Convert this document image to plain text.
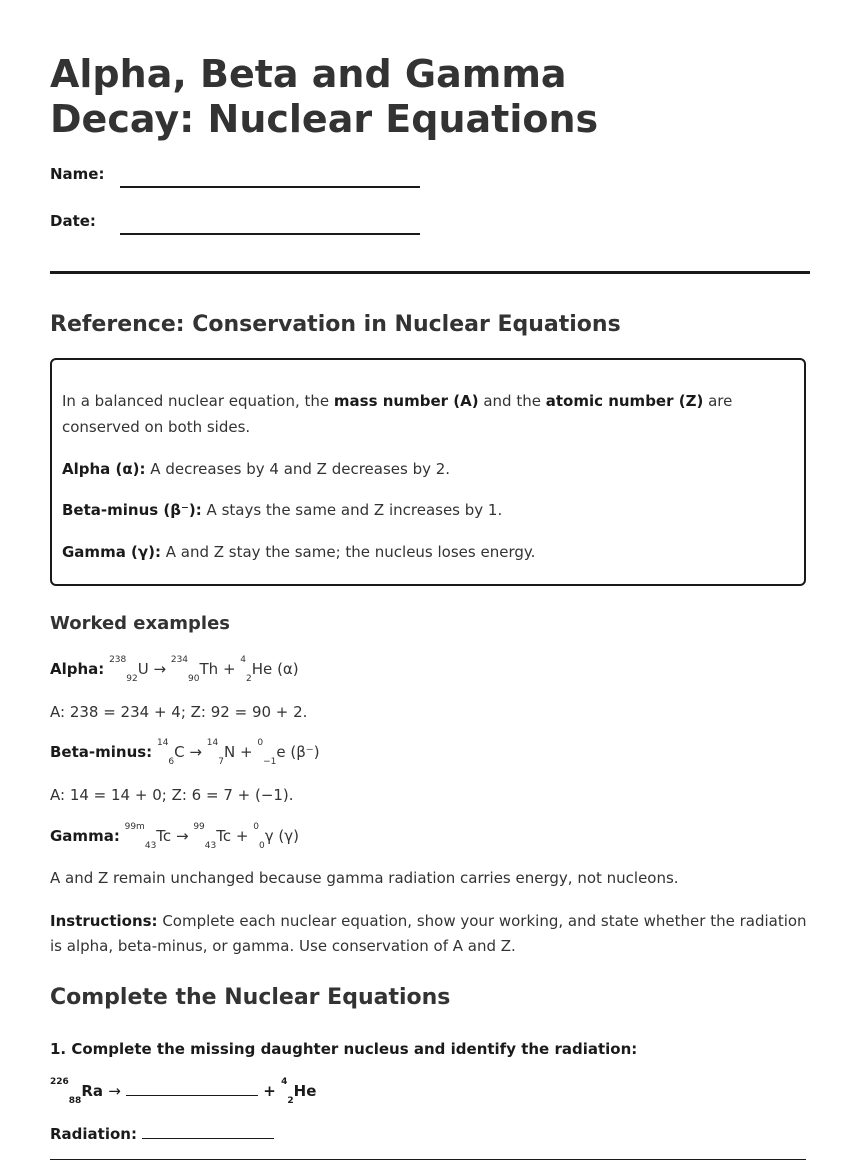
Alpha, Beta and Gamma Decay: Nuclear Equations
Name:
Date:
Reference: Conservation in Nuclear Equations
In a balanced nuclear equation, the mass number (A) and the atomic number (Z) are conserved on both sides.
Alpha (α): A decreases by 4 and Z decreases by 2.
Beta-minus (β⁻): A stays the same and Z increases by 1.
Gamma (γ): A and Z stay the same; the nucleus loses energy.
Worked examples
Alpha: $^{238}_{92}$U → $^{234}_{90}$Th + $^4_2$He (α)
A: 238 = 234 + 4; Z: 92 = 90 + 2.
Beta-minus: $^{14}_6$C → $^{14}_7$N + $^0_{-1}$e (β⁻)
A: 14 = 14 + 0; Z: 6 = 7 + (−1).
Gamma: $^{99m}_{43}$Tc → $^{99}_{43}$Tc + $^0_0$γ (γ)
A and Z remain unchanged because gamma radiation carries energy, not nucleons.
Instructions: Complete each nuclear equation, show your working, and state whether the radiation is alpha, beta-minus, or gamma. Use conservation of A and Z.
Complete the Nuclear Equations
1. Complete the missing daughter nucleus and identify the radiation:
$^{226}_{88}$Ra →	+ $^4_2$He
Radiation:
